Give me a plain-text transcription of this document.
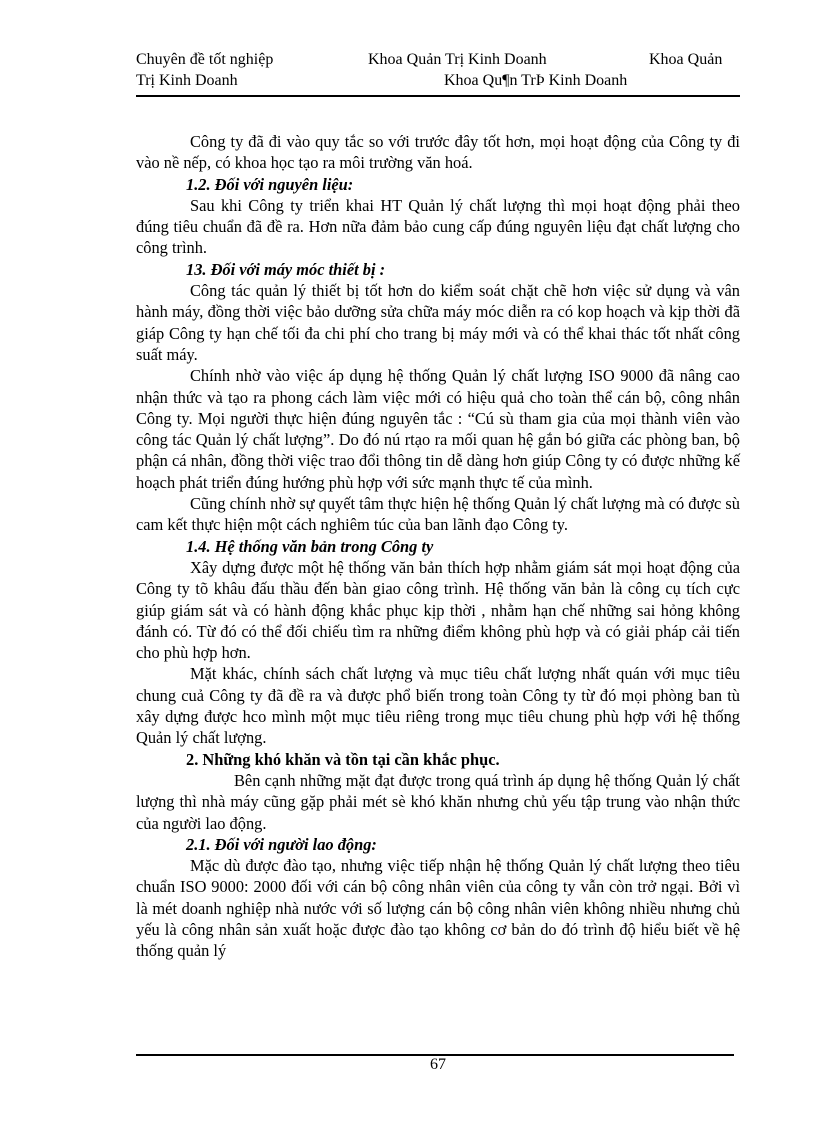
Chuyên đề tốt nghiệp	Khoa Quản Trị Kinh Doanh	Khoa Quản
Trị Kinh Doanh	Khoa Qu¶n TrÞ Kinh Doanh

Công ty đã đi vào quy tắc so với trước đây tốt hơn, mọi hoạt động của Công ty đi vào nề nếp, có khoa học tạo ra môi trường văn hoá.

1.2. Đối với nguyên liệu:

Sau khi Công ty triển khai HT Quản lý chất lượng thì mọi hoạt động phải theo đúng tiêu chuẩn đã đề ra. Hơn nữa đảm bảo cung cấp đúng nguyên liệu đạt chất lượng cho công trình.

13. Đối với máy móc thiết bị :

Công tác quản lý thiết bị tốt hơn do kiểm soát chặt chẽ hơn việc sử dụng và vân hành máy, đồng thời việc bảo dưỡng sửa chữa máy móc diễn ra có kop hoạch và kịp thời đã giáp Công ty hạn chế tối đa chi phí cho trang bị máy mới và có thể khai thác tốt nhất công suất máy.

Chính nhờ vào việc áp dụng hệ thống Quản lý chất lượng ISO 9000 đã nâng cao nhận thức và tạo ra phong cách làm việc mới có hiệu quả cho toàn thể cán bộ, công nhân Công ty. Mọi người thực hiện đúng nguyên tắc : “Cú sù tham gia của mọi thành viên vào công tác Quản lý chất lượng”. Do đó nú rtạo ra mối quan hệ gắn bó giữa các phòng ban, bộ phận cá nhân, đồng thời việc trao đổi thông tin dễ dàng hơn giúp Công ty có được những kế hoạch phát triển đúng hướng phù hợp với sức mạnh thực tế của mình.

Cũng chính nhờ sự quyết tâm thực hiện hệ thống Quản lý chất lượng mà có được sù cam kết thực hiện một cách nghiêm túc của ban lãnh đạo Công ty.

1.4. Hệ thống văn bản trong Công ty

Xây dựng được một hệ thống văn bản thích hợp nhằm giám sát mọi hoạt động của Công ty tõ khâu đấu thầu đến bàn giao công trình. Hệ thống văn bản là công cụ tích cực giúp giám sát và có hành động khắc phục kịp thời , nhằm hạn chế những sai hỏng không đánh có. Từ đó có thể đối chiếu tìm ra những điểm không phù hợp và có giải pháp cải tiến cho phù hợp hơn.

Mặt khác, chính sách chất lượng và mục tiêu chất lượng nhất quán với mục tiêu chung cuả Công ty đã đề ra và được phổ biến trong toàn Công ty từ đó mọi phòng ban tù xây dựng được hco mình một mục tiêu riêng trong mục tiêu chung phù hợp với hệ thống Quản lý chất lượng.

2. Những khó khăn và tồn tại cần khắc phục.

Bên cạnh những mặt đạt được trong quá trình áp dụng hệ thống Quản lý chất lượng thì nhà máy cũng gặp phải mét sè khó khăn nhưng chủ yếu tập trung vào nhận thức của người lao động.

2.1. Đối với người lao động:

Mặc dù được đào tạo, nhưng việc tiếp nhận hệ thống Quản lý chất lượng theo tiêu chuẩn ISO 9000: 2000 đối với cán bộ công nhân viên của công ty vẫn còn trở ngại. Bởi vì là mét doanh nghiệp nhà nước với số lượng cán bộ công nhân viên không nhiều nhưng chủ yếu là công nhân sản xuất hoặc được đào tạo không cơ bản do đó trình độ hiểu biết về hệ thống quản lý

67
